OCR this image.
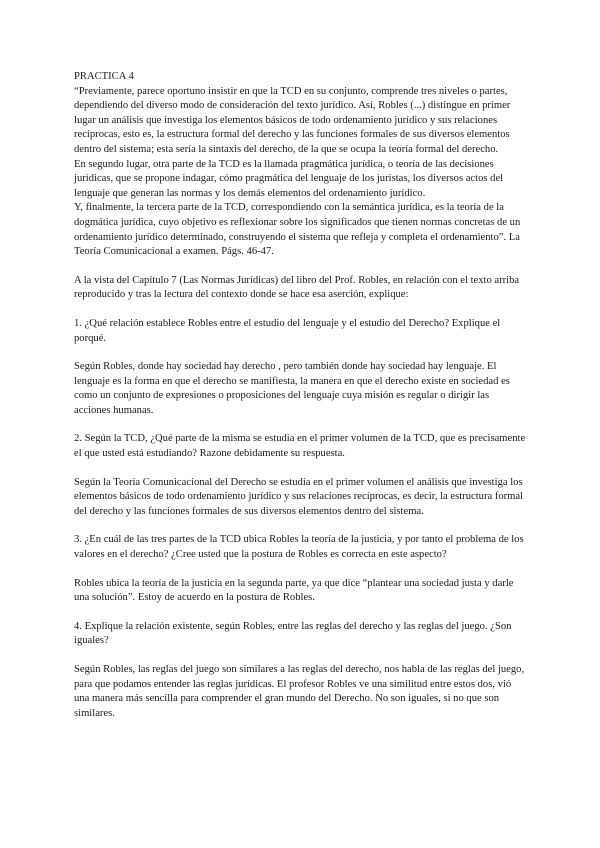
PRACTICA 4

“Previamente, parece oportuno insistir en que la TCD en su conjunto, comprende tres niveles o partes, dependiendo del diverso modo de consideración del texto jurídico. Así, Robles (...) distingue en primer lugar un análisis que investiga los elementos básicos de todo ordenamiento jurídico y sus relaciones recíprocas, esto es, la estructura formal del derecho y las funciones formales de sus diversos elementos dentro del sistema; esta sería la sintaxis del derecho, de la que se ocupa la teoría formal del derecho.

En segundo lugar, otra parte de la TCD es la llamada pragmática jurídica, o teoría de las decisiones jurídicas, que se propone indagar, cómo pragmática del lenguaje de los juristas, los diversos actos del lenguaje que generan las normas y los demás elementos del ordenamiento jurídico.

Y, finalmente, la tercera parte de la TCD, correspondiendo con la semántica jurídica, es la teoría de la dogmática jurídica, cuyo objetivo es reflexionar sobre los significados que tienen normas concretas de un ordenamiento jurídico determinado, construyendo el sistema que refleja y completa el ordenamiento”. La Teoría Comunicacional a examen. Págs. 46-47.

A la vista del Capítulo 7 (Las Normas Jurídicas) del libro del Prof. Robles, en relación con el texto arriba reproducido y tras la lectura del contexto donde se hace esa aserción, explique:

1. ¿Qué relación establece Robles entre el estudio del lenguaje y el estudio del Derecho? Explique el porqué.

Según Robles, donde hay sociedad hay derecho , pero también donde hay sociedad hay lenguaje. El lenguaje es la forma en que el derecho se manifiesta, la manera en que el derecho existe en sociedad es como un conjunto de expresiones o proposiciones del lenguaje cuya misión es regular o dirigir las acciones humanas.

2. Según la TCD, ¿Qué parte de la misma se estudia en el primer volumen de la TCD, que es precisamente el que usted está estudiando? Razone debidamente su respuesta.

Según la Teoría Comunicacional del Derecho se estudia en el primer volumen el análisis que investiga los elementos básicos de todo ordenamiento jurídico y sus relaciones recíprocas, es decir, la estructura formal del derecho y las funciones formales de sus diversos elementos dentro del sistema.

3. ¿En cuál de las tres partes de la TCD ubica Robles la teoría de la justicia, y por tanto el problema de los valores en el derecho? ¿Cree usted que la postura de Robles es correcta en este aspecto?

Robles ubica la teoría de la justicia en la segunda parte, ya que dice “plantear una sociedad justa y darle una solución”. Estoy de acuerdo en la postura de Robles.

4. Explique la relación existente, según Robles, entre las reglas del derecho y las reglas del juego. ¿Son iguales?

Según Robles, las reglas del juego son similares a las reglas del derecho, nos habla de las reglas del juego, para que podamos entender las reglas jurídicas. El profesor Robles ve una similitud entre estos dos, vió una manera más sencilla para comprender el gran mundo del Derecho. No son iguales, si no que son similares.
